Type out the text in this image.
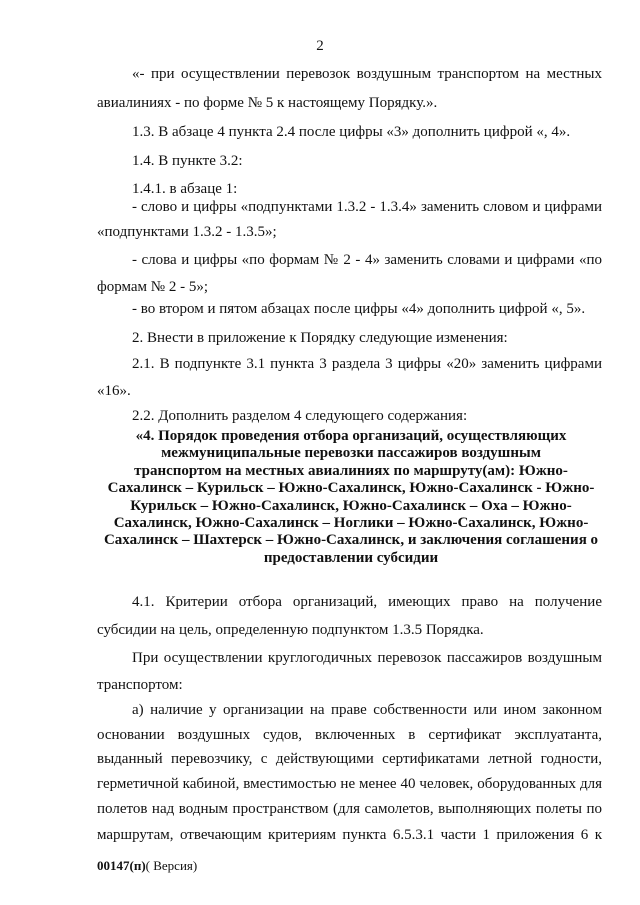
2
«- при осуществлении перевозок воздушным транспортом на местных
авиалиниях - по форме № 5 к настоящему Порядку.».
1.3. В абзаце 4 пункта 2.4 после цифры «3» дополнить цифрой «, 4».
1.4. В пункте 3.2:
1.4.1. в абзаце 1:
- слово и цифры «подпунктами 1.3.2 - 1.3.4» заменить словом и цифрами
«подпунктами 1.3.2 - 1.3.5»;
- слова и цифры «по формам № 2 - 4» заменить словами и цифрами «по
формам № 2 - 5»;
- во втором и пятом абзацах после цифры «4» дополнить цифрой «, 5».
2. Внести в приложение к Порядку следующие изменения:
2.1. В подпункте 3.1 пункта 3 раздела 3 цифры «20» заменить цифрами
«16».
2.2. Дополнить разделом 4 следующего содержания:
«4. Порядок проведения отбора организаций, осуществляющих
межмуниципальные перевозки пассажиров воздушным
транспортом на местных авиалиниях по маршруту(ам): Южно-
Сахалинск – Курильск – Южно-Сахалинск, Южно-Сахалинск - Южно-
Курильск – Южно-Сахалинск, Южно-Сахалинск – Оха – Южно-
Сахалинск, Южно-Сахалинск – Ноглики – Южно-Сахалинск, Южно-
Сахалинск – Шахтерск – Южно-Сахалинск, и заключения соглашения о
предоставлении субсидии
4.1. Критерии отбора организаций, имеющих право на получение
субсидии на цель, определенную подпунктом 1.3.5 Порядка.
При осуществлении круглогодичных перевозок пассажиров воздушным
транспортом:
а) наличие у организации на праве собственности или ином законном
основании воздушных судов, включенных в сертификат эксплуатанта,
выданный перевозчику, с действующими сертификатами летной годности,
герметичной кабиной, вместимостью не менее 40 человек, оборудованных для
полетов над водным пространством (для самолетов, выполняющих полеты по
маршрутам, отвечающим критериям пункта 6.5.3.1 части 1 приложения 6 к
00147(п)( Версия)
